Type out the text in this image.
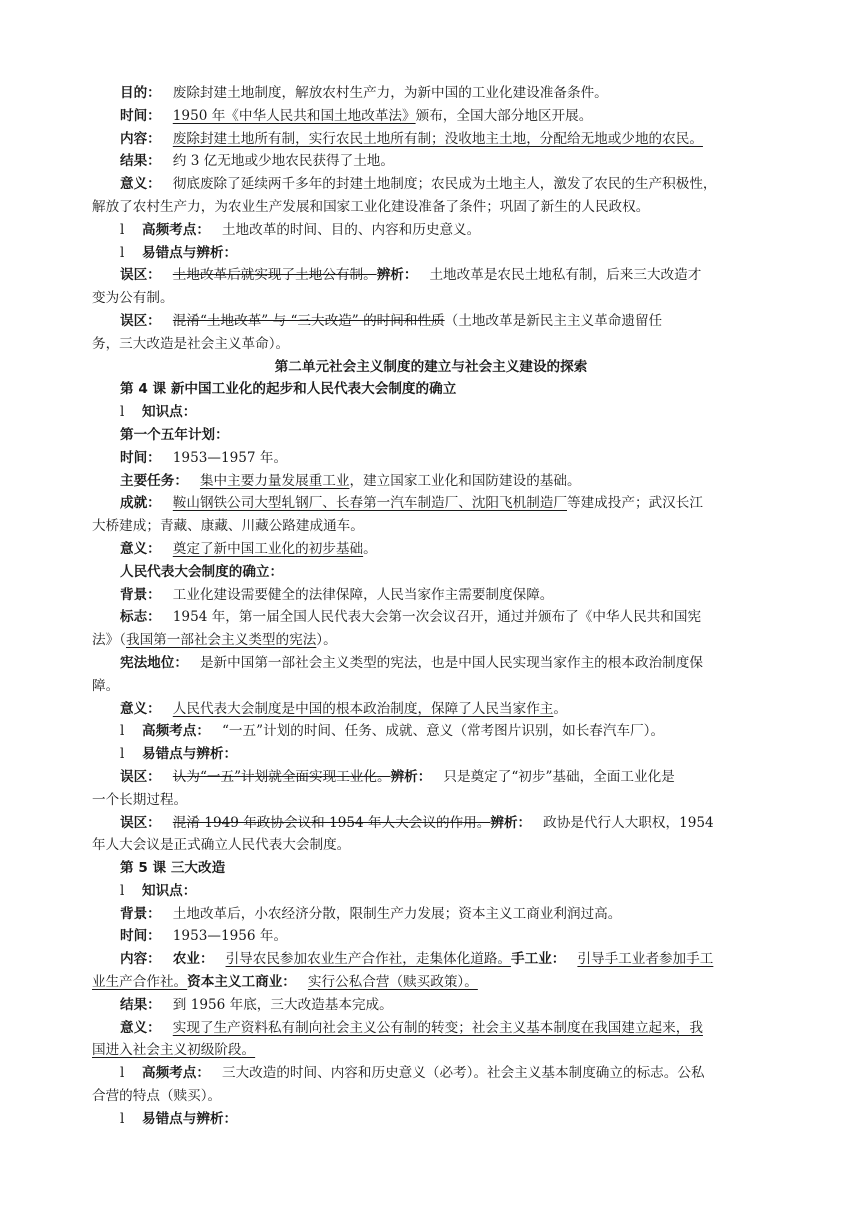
目的： 废除封建土地制度，解放农村生产力，为新中国的工业化建设准备条件。
时间： 1950 年《中华人民共和国土地改革法》颁布，全国大部分地区开展。
内容： 废除封建土地所有制，实行农民土地所有制；没收地主土地，分配给无地或少地的农民。
结果： 约 3 亿无地或少地农民获得了土地。
意义： 彻底废除了延续两千多年的封建土地制度；农民成为土地主人，激发了农民的生产积极性，
解放了农村生产力，为农业生产发展和国家工业化建设准备了条件；巩固了新生的人民政权。
l 高频考点： 土地改革的时间、目的、内容和历史意义。
l 易错点与辨析：
误区： 土地改革后就实现了土地公有制。辨析： 土地改革是农民土地私有制，后来三大改造才
变为公有制。
误区： 混淆“土地改革” 与 “三大改造” 的时间和性质（土地改革是新民主主义革命遗留任
务，三大改造是社会主义革命）。
第二单元社会主义制度的建立与社会主义建设的探索
第 4 课 新中国工业化的起步和人民代表大会制度的确立
l 知识点：
第一个五年计划：
时间： 1953—1957 年。
主要任务： 集中主要力量发展重工业，建立国家工业化和国防建设的基础。
成就： 鞍山钢铁公司大型轧钢厂、长春第一汽车制造厂、沈阳飞机制造厂等建成投产；武汉长江
大桥建成；青藏、康藏、川藏公路建成通车。
意义： 奠定了新中国工业化的初步基础。
人民代表大会制度的确立：
背景： 工业化建设需要健全的法律保障，人民当家作主需要制度保障。
标志： 1954 年，第一届全国人民代表大会第一次会议召开，通过并颁布了《中华人民共和国宪
法》（我国第一部社会主义类型的宪法）。
宪法地位： 是新中国第一部社会主义类型的宪法，也是中国人民实现当家作主的根本政治制度保
障。
意义： 人民代表大会制度是中国的根本政治制度，保障了人民当家作主。
l 高频考点： “一五”计划的时间、任务、成就、意义（常考图片识别，如长春汽车厂）。
l 易错点与辨析：
误区： 认为“一五”计划就全面实现工业化。辨析： 只是奠定了“初步”基础，全面工业化是
一个长期过程。
误区： 混淆 1949 年政协会议和 1954 年人大会议的作用。辨析： 政协是代行人大职权，1954
年人大会议是正式确立人民代表大会制度。
第 5 课 三大改造
l 知识点：
背景： 土地改革后，小农经济分散，限制生产力发展；资本主义工商业利润过高。
时间： 1953—1956 年。
内容： 农业： 引导农民参加农业生产合作社，走集体化道路。手工业： 引导手工业者参加手工
业生产合作社。资本主义工商业： 实行公私合营（赎买政策）。
结果： 到 1956 年底，三大改造基本完成。
意义： 实现了生产资料私有制向社会主义公有制的转变；社会主义基本制度在我国建立起来，我
国进入社会主义初级阶段。
l 高频考点： 三大改造的时间、内容和历史意义（必考）。社会主义基本制度确立的标志。公私
合营的特点（赎买）。
l 易错点与辨析：
